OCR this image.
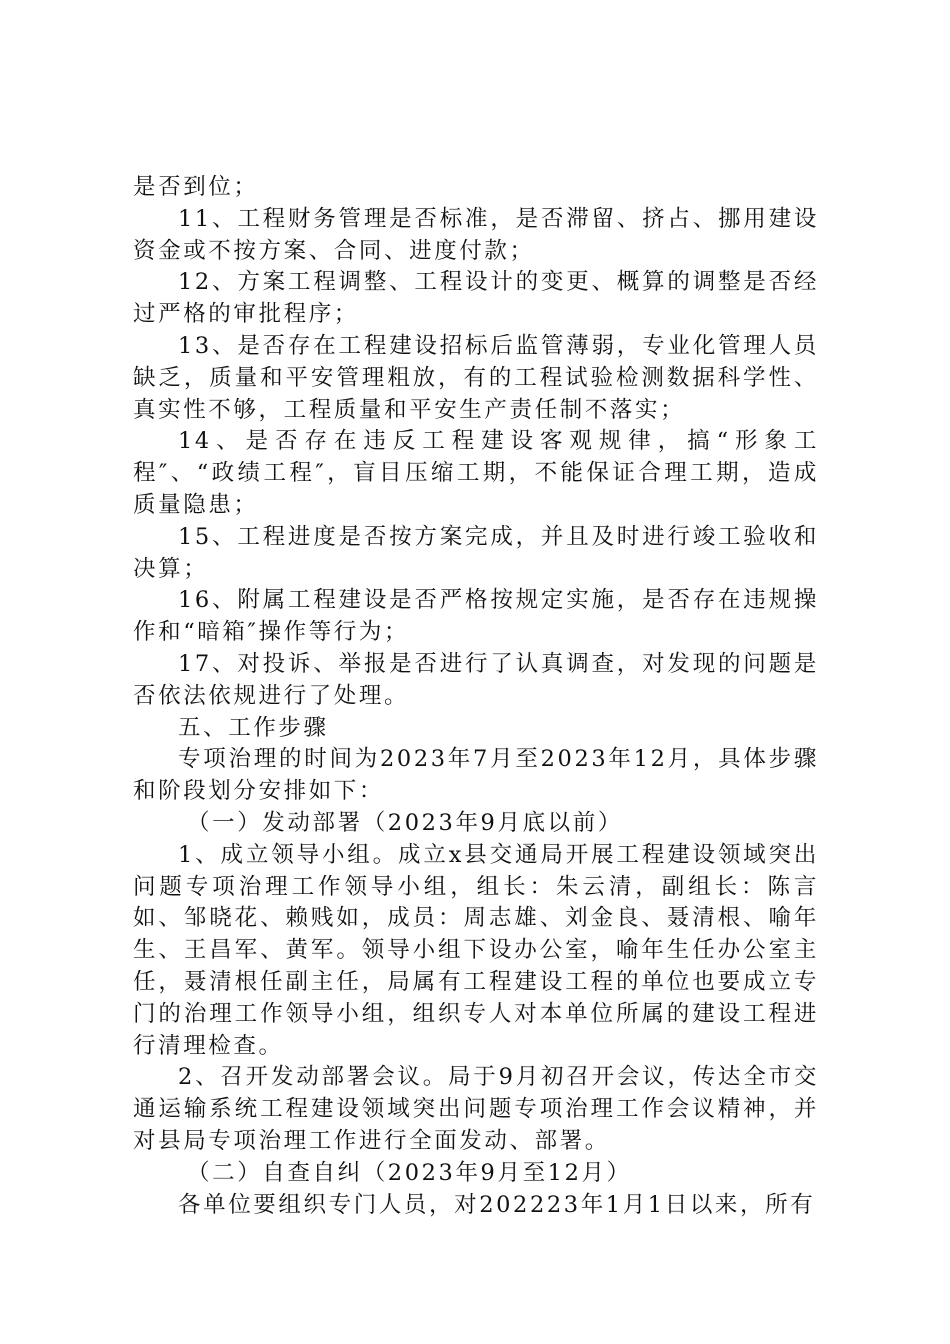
是否到位；

11、工程财务管理是否标准，是否滞留、挤占、挪用建设资金或不按方案、合同、进度付款；

12、方案工程调整、工程设计的变更、概算的调整是否经过严格的审批程序；

13、是否存在工程建设招标后监管薄弱，专业化管理人员缺乏，质量和平安管理粗放，有的工程试验检测数据科学性、真实性不够，工程质量和平安生产责任制不落实；

14、是否存在违反工程建设客观规律，搞“形象工程″、“政绩工程″，盲目压缩工期，不能保证合理工期，造成质量隐患；

15、工程进度是否按方案完成，并且及时进行竣工验收和决算；

16、附属工程建设是否严格按规定实施，是否存在违规操作和“暗箱″操作等行为；

17、对投诉、举报是否进行了认真调查，对发现的问题是否依法依规进行了处理。

五、工作步骤

专项治理的时间为2023年7月至2023年12月，具体步骤和阶段划分安排如下：

（一）发动部署（2023年9月底以前）

1、成立领导小组。成立x县交通局开展工程建设领域突出问题专项治理工作领导小组，组长：朱云清，副组长：陈言如、邹晓花、赖贱如，成员：周志雄、刘金良、聂清根、喻年生、王昌军、黄军。领导小组下设办公室，喻年生任办公室主任，聂清根任副主任，局属有工程建设工程的单位也要成立专门的治理工作领导小组，组织专人对本单位所属的建设工程进行清理检查。

2、召开发动部署会议。局于9月初召开会议，传达全市交通运输系统工程建设领域突出问题专项治理工作会议精神，并对县局专项治理工作进行全面发动、部署。

（二）自查自纠（2023年9月至12月）

各单位要组织专门人员，对202223年1月1日以来，所有
